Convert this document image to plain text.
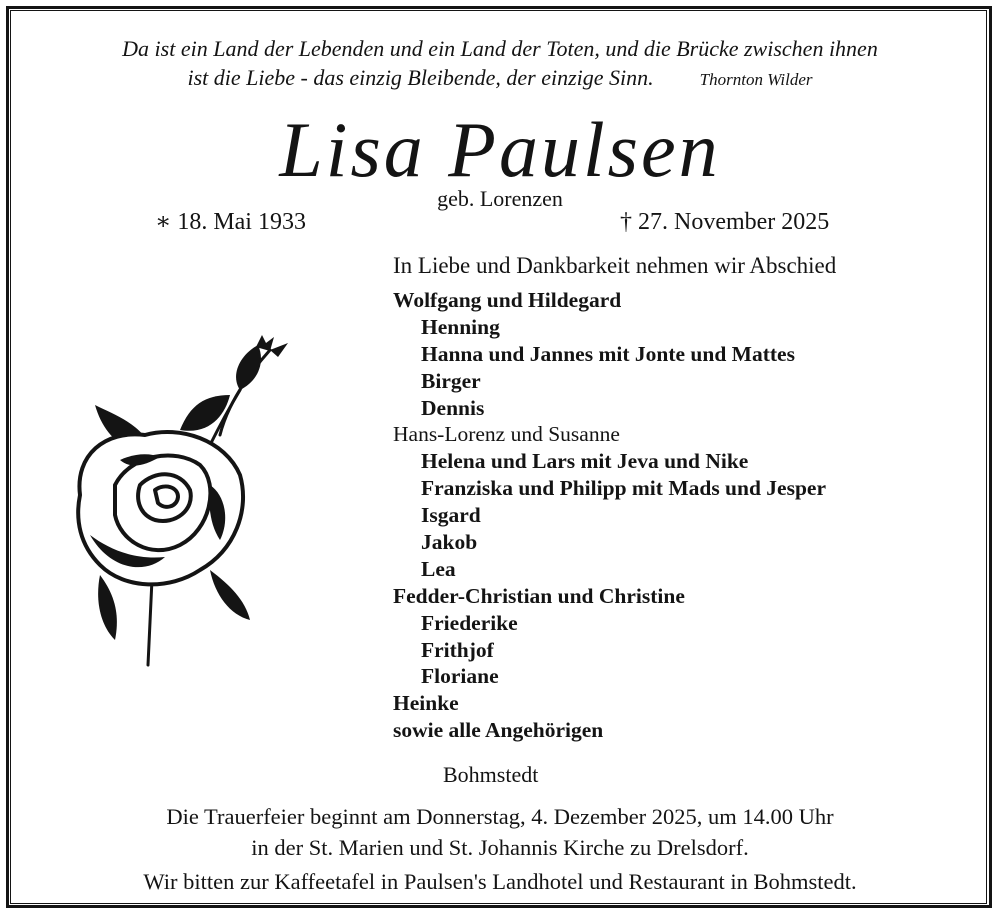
Da ist ein Land der Lebenden und ein Land der Toten, und die Brücke zwischen ihnen
ist die Liebe - das einzig Bleibende, der einzige Sinn.	Thornton Wilder
Lisa Paulsen
geb. Lorenzen
∗ 18. Mai 1933	† 27. November 2025
In Liebe und Dankbarkeit nehmen wir Abschied
Wolfgang und Hildegard
Henning
Hanna und Jannes mit Jonte und Mattes
Birger
Dennis
Hans-Lorenz und Susanne
Helena und Lars mit Jeva und Nike
Franziska und Philipp mit Mads und Jesper
Isgard
Jakob
Lea
Fedder-Christian und Christine
Friederike
Frithjof
Floriane
Heinke
sowie alle Angehörigen
Bohmstedt
Die Trauerfeier beginnt am Donnerstag, 4. Dezember 2025, um 14.00 Uhr
in der St. Marien und St. Johannis Kirche zu Drelsdorf.
Wir bitten zur Kaffeetafel in Paulsen's Landhotel und Restaurant in Bohmstedt.
